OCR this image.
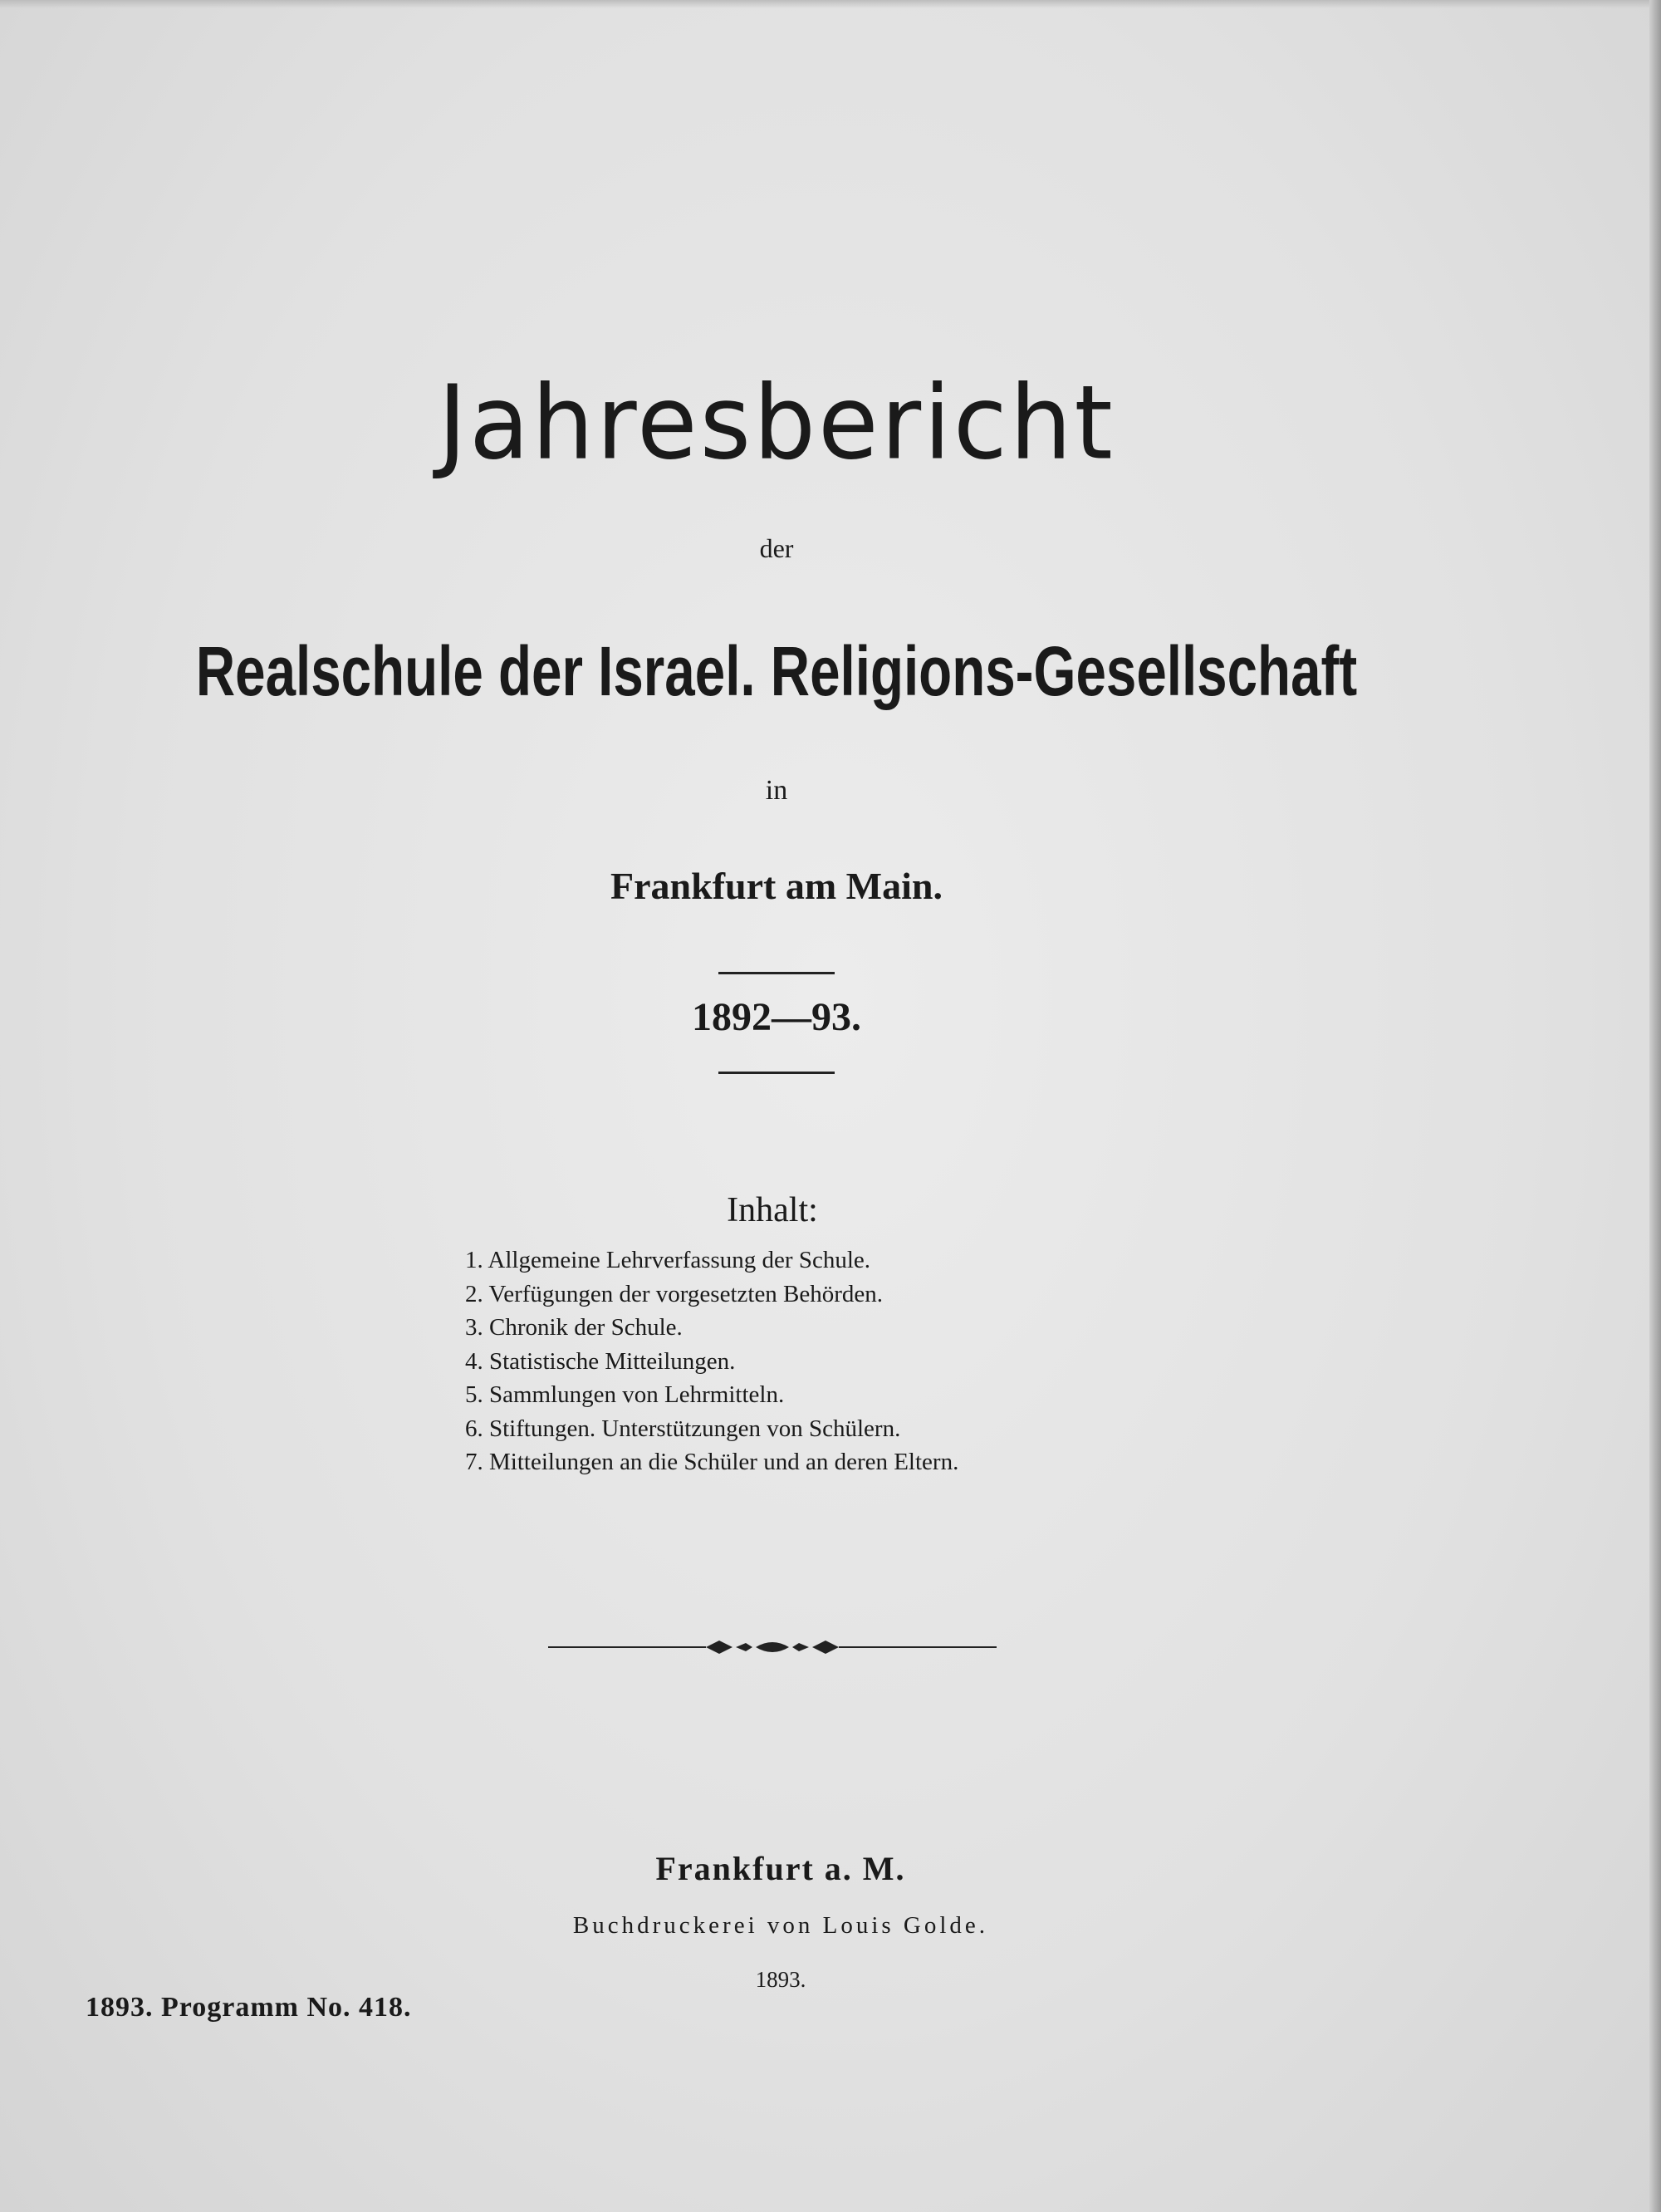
Jahresbericht
der
Realschule der Israel. Religions-Gesellschaft
in
Frankfurt am Main.
1892—93.
Inhalt:
1. Allgemeine Lehrverfassung der Schule.
2. Verfügungen der vorgesetzten Behörden.
3. Chronik der Schule.
4. Statistische Mitteilungen.
5. Sammlungen von Lehrmitteln.
6. Stiftungen. Unterstützungen von Schülern.
7. Mitteilungen an die Schüler und an deren Eltern.
Frankfurt a. M.
Buchdruckerei von Louis Golde.
1893.
1893. Programm No. 418.
